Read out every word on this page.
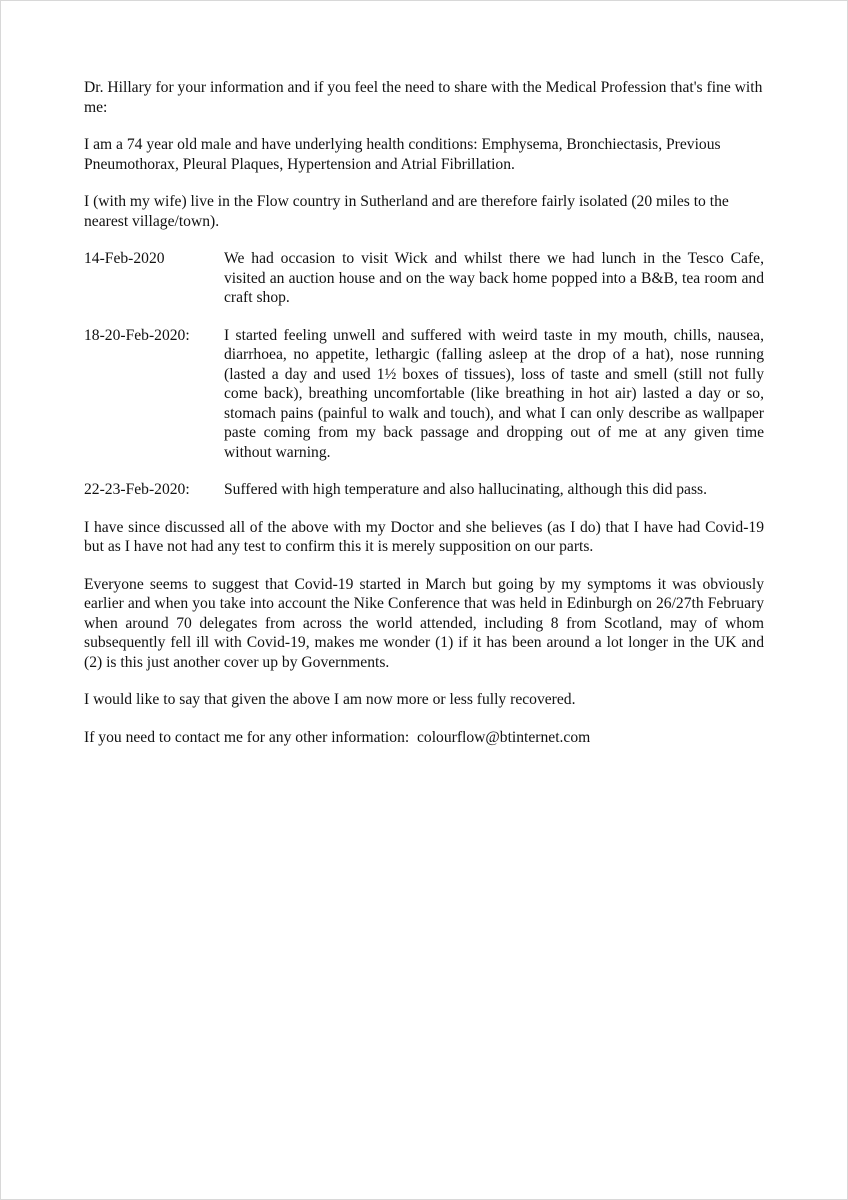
Dr. Hillary for your information and if you feel the need to share with the Medical Profession that's fine with me:

I am a 74 year old male and have underlying health conditions: Emphysema, Bronchiectasis, Previous Pneumothorax, Pleural Plaques, Hypertension and Atrial Fibrillation.

I (with my wife) live in the Flow country in Sutherland and are therefore fairly isolated (20 miles to the nearest village/town).

14-Feb-2020	We had occasion to visit Wick and whilst there we had lunch in the Tesco Cafe, visited an auction house and on the way back home popped into a B&B, tea room and craft shop.
18-20-Feb-2020:	I started feeling unwell and suffered with weird taste in my mouth, chills, nausea, diarrhoea, no appetite, lethargic (falling asleep at the drop of a hat), nose running (lasted a day and used 1½ boxes of tissues), loss of taste and smell (still not fully come back), breathing uncomfortable (like breathing in hot air) lasted a day or so, stomach pains (painful to walk and touch), and what I can only describe as wallpaper paste coming from my back passage and dropping out of me at any given time without warning.
22-23-Feb-2020:	Suffered with high temperature and also hallucinating, although this did pass.

I have since discussed all of the above with my Doctor and she believes (as I do) that I have had Covid-19 but as I have not had any test to confirm this it is merely supposition on our parts.

Everyone seems to suggest that Covid-19 started in March but going by my symptoms it was obviously earlier and when you take into account the Nike Conference that was held in Edinburgh on 26/27th February when around 70 delegates from across the world attended, including 8 from Scotland, may of whom subsequently fell ill with Covid-19, makes me wonder (1) if it has been around a lot longer in the UK and (2) is this just another cover up by Governments.

I would like to say that given the above I am now more or less fully recovered.

If you need to contact me for any other information:  colourflow@btinternet.com
